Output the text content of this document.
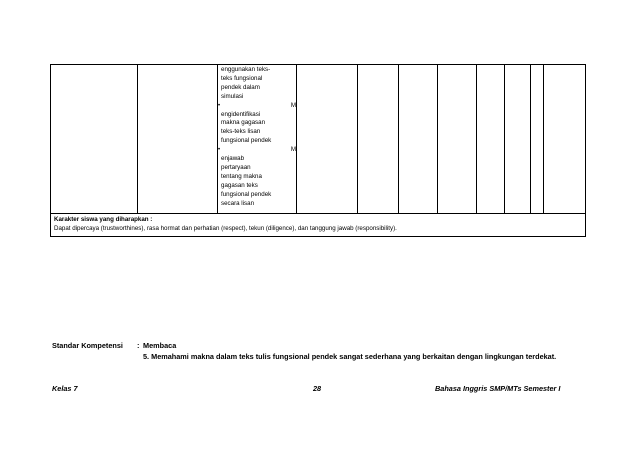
enggunakan teks-
teks fungsional
pendek dalam
simulasi
•	M

engidentifikasi
makna gagasan
teks-teks lisan
fungsional pendek
•	M

enjawab
pertaryaan
tentang makna
gagasan teks
fungsional pendek
secara lisan

Karakter siswa yang diharapkan :
Dapat dipercaya (trustworthines), rasa hormat dan perhatian (respect), tekun (diligence), dan tanggung jawab (responsibility).
Standar Kompetensi : Membaca
5. Memahami makna dalam teks tulis fungsional pendek sangat sederhana yang berkaitan dengan lingkungan terdekat.
Kelas 7	28	Bahasa Inggris SMP/MTs Semester I
